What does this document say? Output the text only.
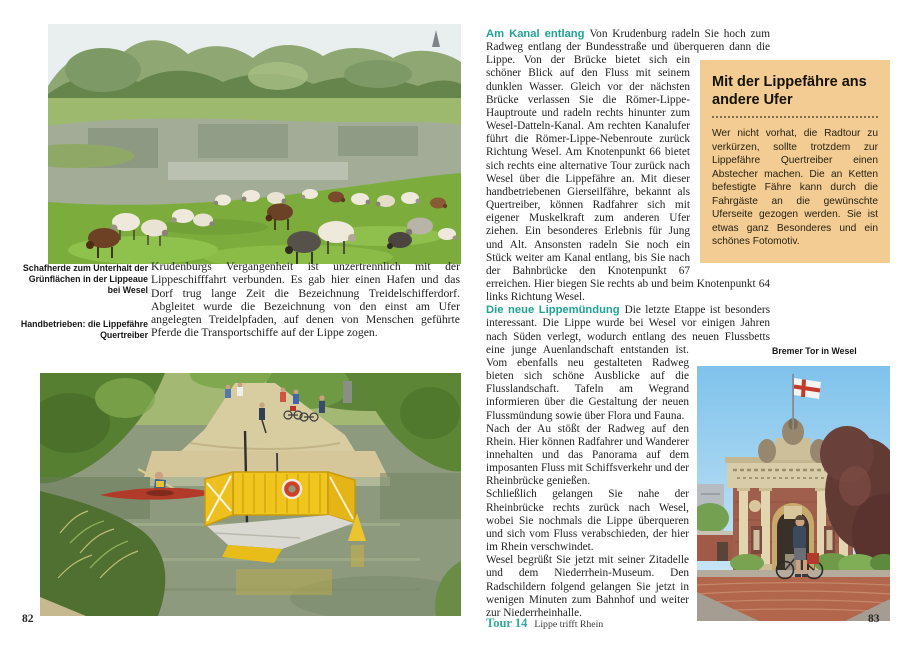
Schafherde zum Unterhalt der Grünflächen in der Lippeaue bei Wesel
Handbetrieben: die Lippefähre Quertreiber
Krudenburgs Vergangenheit ist unzertrennlich mit der Lippeschifffahrt verbunden. Es gab hier einen Hafen und das Dorf trug lange Zeit die Bezeichnung Treidelschifferdorf. Abgleitet wurde die Bezeichnung von den einst am Ufer angelegten Treidelpfaden, auf denen von Menschen geführte Pferde die Transportschiffe auf der Lippe zogen.
Am Kanal entlang Von Krudenburg radeln Sie hoch zum Radweg entlang der Bundesstraße und überqueren dann die
Mit der Lippefähre ans andere Ufer
Wer nicht vorhat, die Radtour zu verkürzen, sollte trotzdem zur Lippefähre Quertreiber einen Abstecher machen. Die an Ketten befestigte Fähre kann durch die Fahrgäste an die gewünschte Uferseite gezogen werden. Sie ist etwas ganz Besonderes und ein schönes Fotomotiv.
Lippe. Von der Brücke bietet sich ein schöner Blick auf den Fluss mit seinem dunklen Wasser. Gleich vor der nächsten Brücke verlassen Sie die Römer-Lippe-Hauptroute und radeln rechts hinunter zum Wesel-Datteln-Kanal. Am rechten Kanalufer führt die Römer-Lippe-Nebenroute zurück Richtung Wesel. Am Knotenpunkt 66 bietet sich rechts eine alternative Tour zurück nach Wesel über die Lippefähre an. Mit dieser handbetriebenen Gierseilfähre, bekannt als Quertreiber, können Radfahrer sich mit eigener Muskelkraft zum anderen Ufer ziehen. Ein besonderes Erlebnis für Jung und Alt. Ansonsten radeln Sie noch ein Stück weiter am Kanal entlang, bis Sie nach der Bahnbrücke den Knotenpunkt 67 erreichen. Hier biegen Sie rechts ab und beim Knotenpunkt 64 links Richtung Wesel.
Die neue Lippemündung Die letzte Etappe ist besonders interessant. Die Lippe wurde bei Wesel vor einigen Jahren nach Süden verlegt, wodurch entlang des neuen Flussbetts eine	Bremer Tor in Wesel
junge Auenlandschaft entstanden ist. Vom ebenfalls neu gestalteten Radweg bieten sich schöne Ausblicke auf die Flusslandschaft. Tafeln am Wegrand informieren über die Gestaltung der neuen Flussmündung sowie über Flora und Fauna.
Nach der Au stößt der Radweg auf den Rhein. Hier können Radfahrer und Wanderer innehalten und das Panorama auf dem imposanten Fluss mit Schiffsverkehr und der Rheinbrücke genießen.
Schließlich gelangen Sie nahe der Rheinbrücke rechts zurück nach Wesel, wobei Sie nochmals die Lippe überqueren und sich vom Fluss verabschieden, der hier im Rhein verschwindet.
Wesel begrüßt Sie jetzt mit seiner Zitadelle und dem Niederrhein-Museum. Den Radschildern folgend gelangen Sie jetzt in wenigen Minuten zum Bahnhof und weiter zur Niederrheinhalle.
82	Tour 14 Lippe trifft Rhein	83
